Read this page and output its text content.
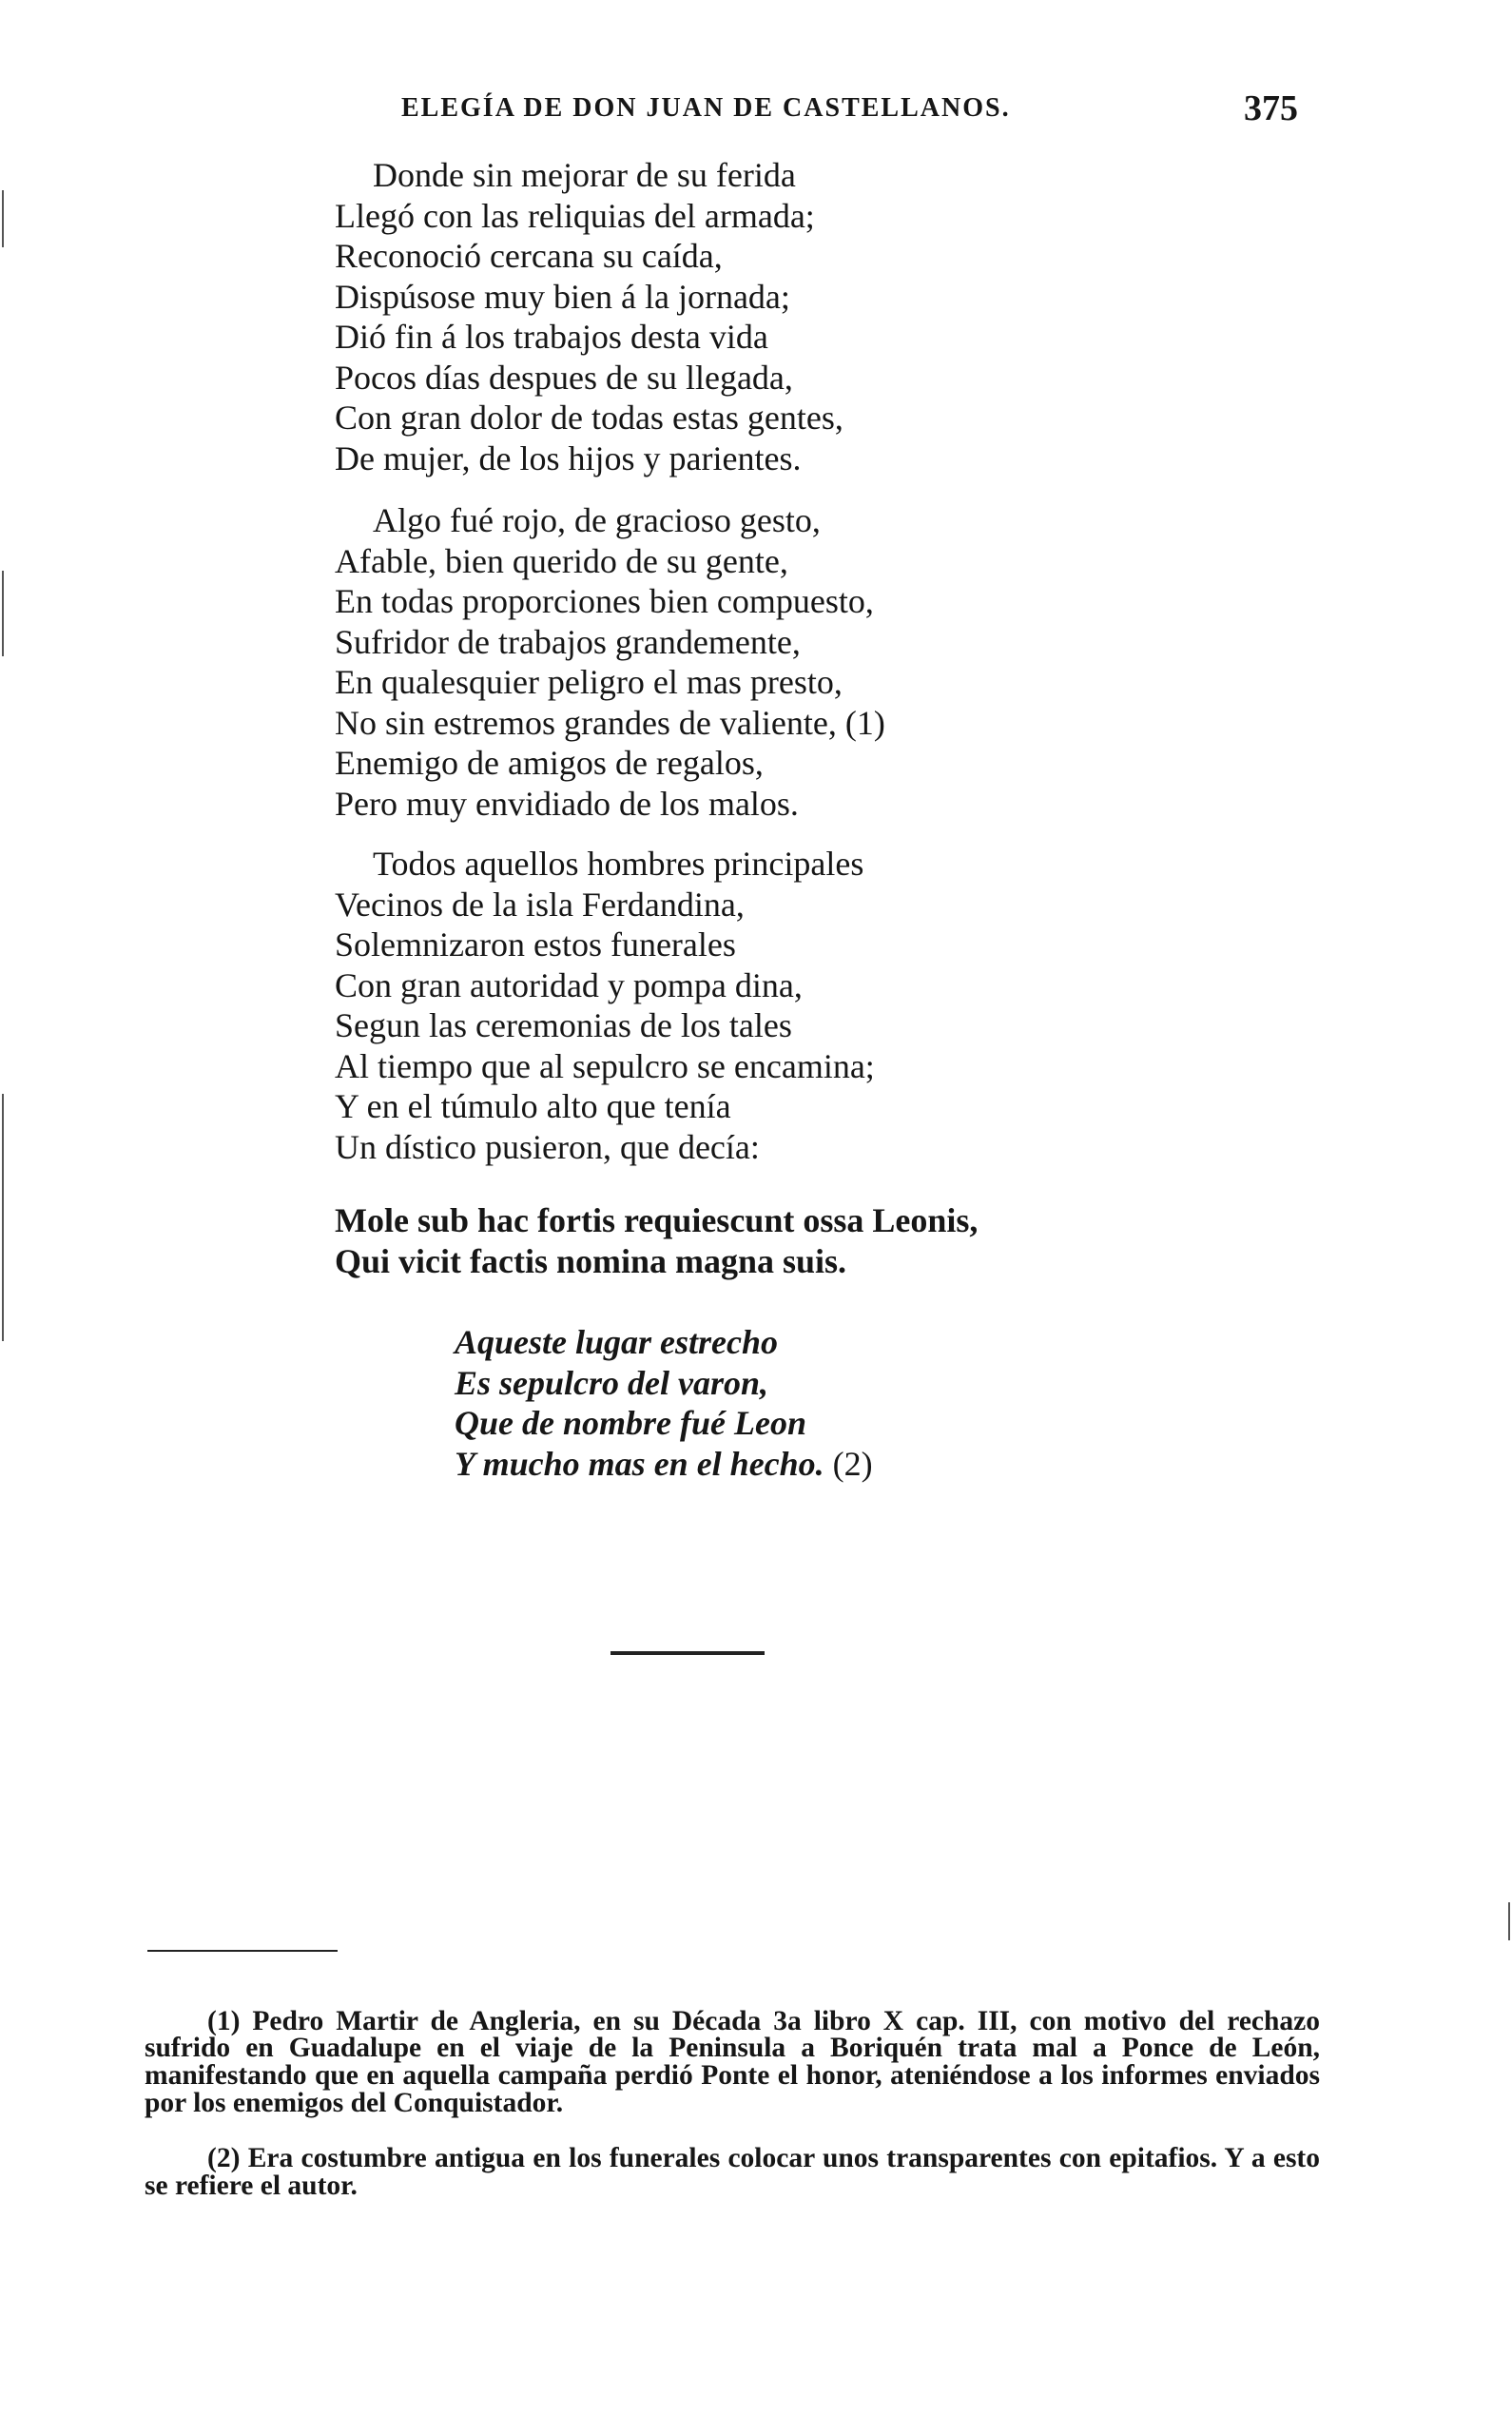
ELEGÍA DE DON JUAN DE CASTELLANOS.	375
Donde sin mejorar de su ferida
Llegó con las reliquias del armada;
Reconoció cercana su caída,
Dispúsose muy bien á la jornada;
Dió fin á los trabajos desta vida
Pocos días despues de su llegada,
Con gran dolor de todas estas gentes,
De mujer, de los hijos y parientes.
Algo fué rojo, de gracioso gesto,
Afable, bien querido de su gente,
En todas proporciones bien compuesto,
Sufridor de trabajos grandemente,
En qualesquier peligro el mas presto,
No sin estremos grandes de valiente, (1)
Enemigo de amigos de regalos,
Pero muy envidiado de los malos.
Todos aquellos hombres principales
Vecinos de la isla Ferdandina,
Solemnizaron estos funerales
Con gran autoridad y pompa dina,
Segun las ceremonias de los tales
Al tiempo que al sepulcro se encamina;
Y en el túmulo alto que tenía
Un dístico pusieron, que decía:
Mole sub hac fortis requiescunt ossa Leonis,
Qui vicit factis nomina magna suis.
Aqueste lugar estrecho
Es sepulcro del varon,
Que de nombre fué Leon
Y mucho mas en el hecho. (2)

(1) Pedro Martir de Angleria, en su Década 3a libro X cap. III, con motivo del rechazo sufrido en Guadalupe en el viaje de la Peninsula a Boriquén trata mal a Ponce de León, manifestando que en aquella campaña perdió Ponte el honor, ateniéndose a los informes enviados por los enemigos del Conquistador.

(2) Era costumbre antigua en los funerales colocar unos transparentes con epitafios. Y a esto se refiere el autor.
